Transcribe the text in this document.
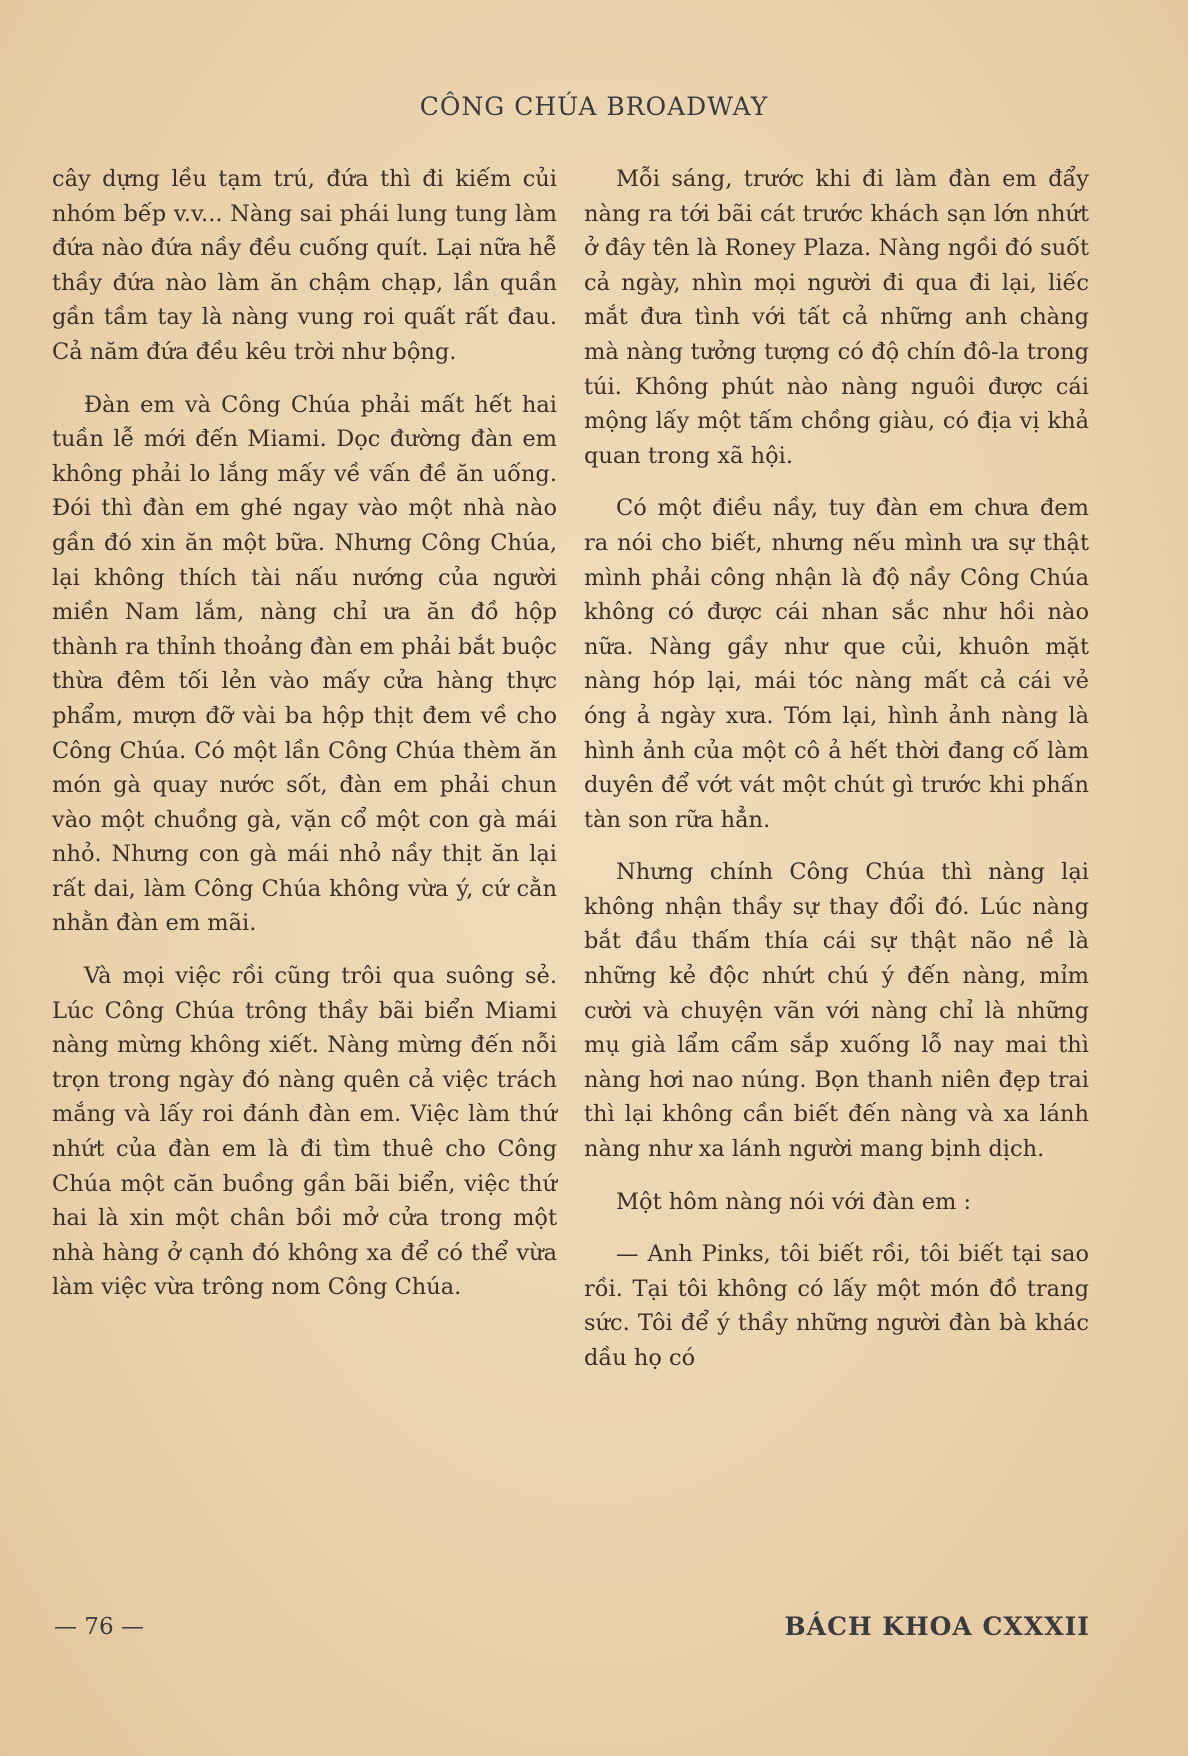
CÔNG CHÚA BROADWAY

cây dựng lều tạm trú, đứa thì đi kiếm củi nhóm bếp v.v... Nàng sai phái lung tung làm đứa nào đứa nầy đều cuống quít. Lại nữa hễ thầy đứa nào làm ăn chậm chạp, lần quần gần tầm tay là nàng vung roi quất rất đau. Cả năm đứa đều kêu trời như bộng.

Đàn em và Công Chúa phải mất hết hai tuần lễ mới đến Miami. Dọc đường đàn em không phải lo lắng mấy về vấn đề ăn uống. Đói thì đàn em ghé ngay vào một nhà nào gần đó xin ăn một bữa. Nhưng Công Chúa, lại không thích tài nấu nướng của người miền Nam lắm, nàng chỉ ưa ăn đồ hộp thành ra thỉnh thoảng đàn em phải bắt buộc thừa đêm tối lẻn vào mấy cửa hàng thực phẩm, mượn đỡ vài ba hộp thịt đem về cho Công Chúa. Có một lần Công Chúa thèm ăn món gà quay nước sốt, đàn em phải chun vào một chuồng gà, vặn cổ một con gà mái nhỏ. Nhưng con gà mái nhỏ nầy thịt ăn lại rất dai, làm Công Chúa không vừa ý, cứ cằn nhằn đàn em mãi.

Và mọi việc rồi cũng trôi qua suông sẻ. Lúc Công Chúa trông thầy bãi biển Miami nàng mừng không xiết. Nàng mừng đến nỗi trọn trong ngày đó nàng quên cả việc trách mắng và lấy roi đánh đàn em. Việc làm thứ nhứt của đàn em là đi tìm thuê cho Công Chúa một căn buồng gần bãi biển, việc thứ hai là xin một chân bồi mở cửa trong một nhà hàng ở cạnh đó không xa để có thể vừa làm việc vừa trông nom Công Chúa.

Mỗi sáng, trước khi đi làm đàn em đẩy nàng ra tới bãi cát trước khách sạn lớn nhứt ở đây tên là Roney Plaza. Nàng ngồi đó suốt cả ngày, nhìn mọi người đi qua đi lại, liếc mắt đưa tình với tất cả những anh chàng mà nàng tưởng tượng có độ chín đô-la trong túi. Không phút nào nàng nguôi được cái mộng lấy một tấm chồng giàu, có địa vị khả quan trong xã hội.

Có một điều nầy, tuy đàn em chưa đem ra nói cho biết, nhưng nếu mình ưa sự thật mình phải công nhận là độ nầy Công Chúa không có được cái nhan sắc như hồi nào nữa. Nàng gầy như que củi, khuôn mặt nàng hóp lại, mái tóc nàng mất cả cái vẻ óng ả ngày xưa. Tóm lại, hình ảnh nàng là hình ảnh của một cô ả hết thời đang cố làm duyên để vớt vát một chút gì trước khi phấn tàn son rữa hẳn.

Nhưng chính Công Chúa thì nàng lại không nhận thầy sự thay đổi đó. Lúc nàng bắt đầu thấm thía cái sự thật não nề là những kẻ độc nhứt chú ý đến nàng, mỉm cười và chuyện vãn với nàng chỉ là những mụ già lẩm cẩm sắp xuống lỗ nay mai thì nàng hơi nao núng. Bọn thanh niên đẹp trai thì lại không cần biết đến nàng và xa lánh nàng như xa lánh người mang bịnh dịch.

Một hôm nàng nói với đàn em :

— Anh Pinks, tôi biết rồi, tôi biết tại sao rồi. Tại tôi không có lấy một món đồ trang sức. Tôi để ý thầy những người đàn bà khác dầu họ có

— 76 —	BÁCH KHOA CXXXII
